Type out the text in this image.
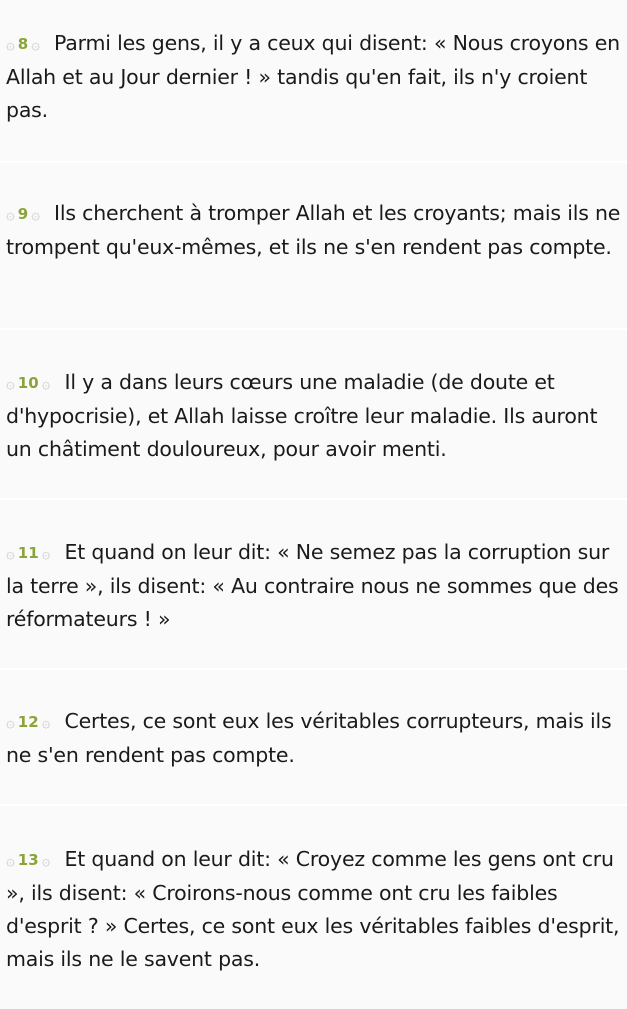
۞ 8 ۞ Parmi les gens, il y a ceux qui disent: « Nous croyons en Allah et au Jour dernier ! » tandis qu'en fait, ils n'y croient pas.
۞ 9 ۞ Ils cherchent à tromper Allah et les croyants; mais ils ne trompent qu'eux-mêmes, et ils ne s'en rendent pas compte.
۞ 10 ۞ Il y a dans leurs cœurs une maladie (de doute et d'hypocrisie), et Allah laisse croître leur maladie. Ils auront un châtiment douloureux, pour avoir menti.
۞ 11 ۞ Et quand on leur dit: « Ne semez pas la corruption sur la terre », ils disent: « Au contraire nous ne sommes que des réformateurs ! »
۞ 12 ۞ Certes, ce sont eux les véritables corrupteurs, mais ils ne s'en rendent pas compte.
۞ 13 ۞ Et quand on leur dit: « Croyez comme les gens ont cru », ils disent: « Croirons-nous comme ont cru les faibles d'esprit ? » Certes, ce sont eux les véritables faibles d'esprit, mais ils ne le savent pas.
